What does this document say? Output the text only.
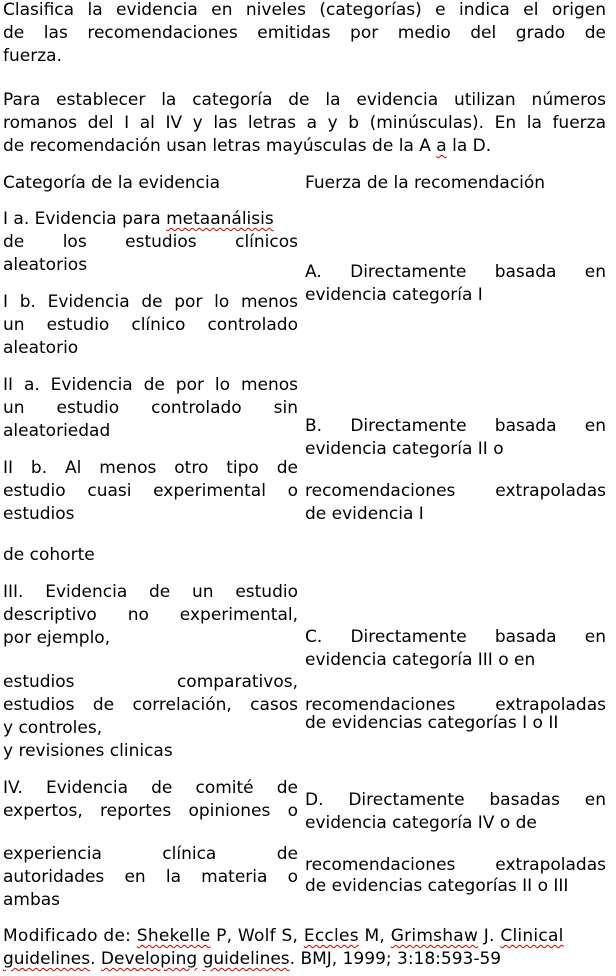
Clasifica la evidencia en niveles (categorías) e indica el origen
de las recomendaciones emitidas por medio del grado de
fuerza.
Para establecer la categoría de la evidencia utilizan números
romanos del I al IV y las letras a y b (minúsculas). En la fuerza
de recomendación usan letras mayúsculas de la A a la D.
Categoría de la evidencia	Fuerza de la recomendación
I a. Evidencia para metaanálisis
de los estudios clínicos
aleatorios
I b. Evidencia de por lo menos
un estudio clínico controlado
aleatorio
II a. Evidencia de por lo menos
un estudio controlado sin
aleatoriedad
II b. Al menos otro tipo de
estudio cuasi experimental o
estudios
de cohorte
III. Evidencia de un estudio
descriptivo no experimental,
por ejemplo,
estudios comparativos,
estudios de correlación, casos
y controles,
y revisiones clinicas
IV. Evidencia de comité de
expertos, reportes opiniones o
experiencia clínica de
autoridades en la materia o
ambas
A. Directamente basada en
evidencia categoría I
B. Directamente basada en
evidencia categoría II o
recomendaciones extrapoladas
de evidencia I
C. Directamente basada en
evidencia categoría III o en
recomendaciones extrapoladas
de evidencias categorías I o II
D. Directamente basadas en
evidencia categoría IV o de
recomendaciones extrapoladas
de evidencias categorías II o III
Modificado de: Shekelle P, Wolf S, Eccles M, Grimshaw J. Clinical
guidelines. Developing guidelines. BMJ, 1999; 3:18:593-59
